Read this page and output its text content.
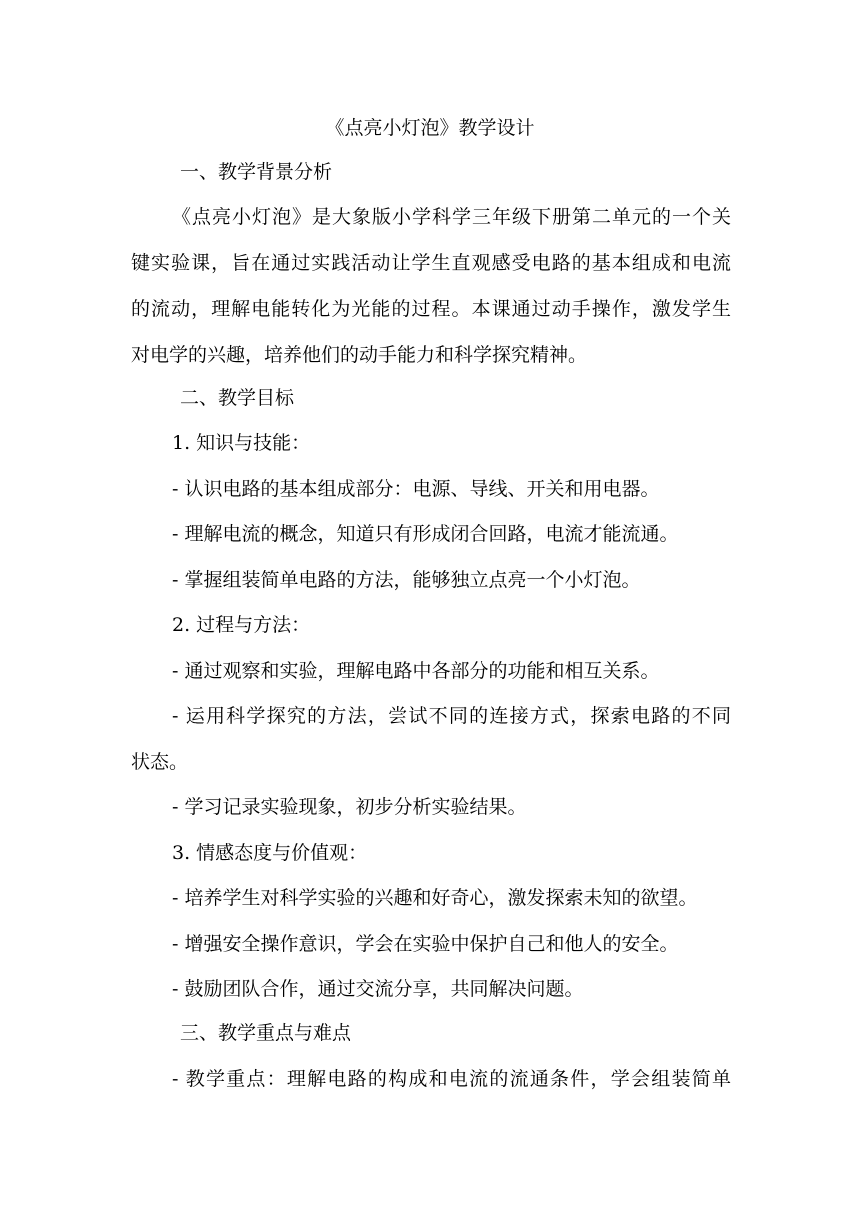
《点亮小灯泡》教学设计
一、教学背景分析
《点亮小灯泡》是大象版小学科学三年级下册第二单元的一个关
键实验课，旨在通过实践活动让学生直观感受电路的基本组成和电流
的流动，理解电能转化为光能的过程。本课通过动手操作，激发学生
对电学的兴趣，培养他们的动手能力和科学探究精神。
二、教学目标
1. 知识与技能：
- 认识电路的基本组成部分：电源、导线、开关和用电器。
- 理解电流的概念，知道只有形成闭合回路，电流才能流通。
- 掌握组装简单电路的方法，能够独立点亮一个小灯泡。
2. 过程与方法：
- 通过观察和实验，理解电路中各部分的功能和相互关系。
- 运用科学探究的方法，尝试不同的连接方式，探索电路的不同
状态。
- 学习记录实验现象，初步分析实验结果。
3. 情感态度与价值观：
- 培养学生对科学实验的兴趣和好奇心，激发探索未知的欲望。
- 增强安全操作意识，学会在实验中保护自己和他人的安全。
- 鼓励团队合作，通过交流分享，共同解决问题。
三、教学重点与难点
- 教学重点：理解电路的构成和电流的流通条件，学会组装简单
